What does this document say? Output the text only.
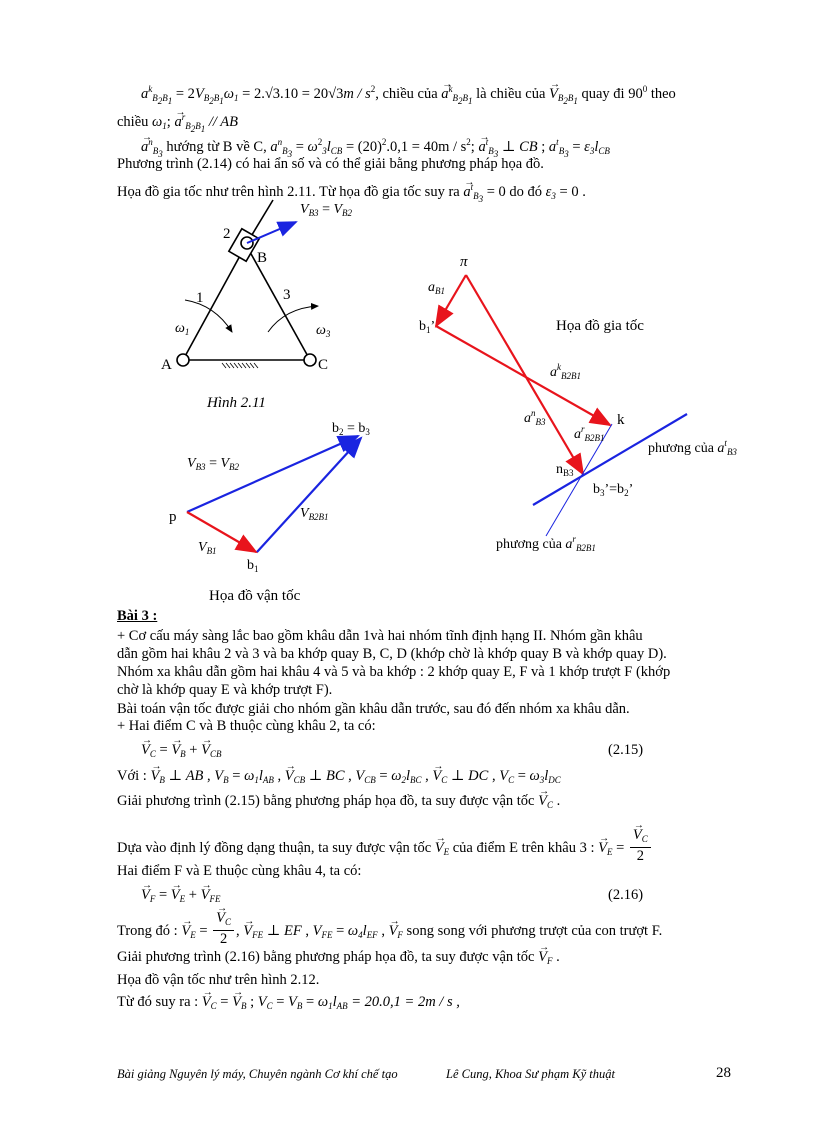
$a^k_{B_2B_1} = 2V_{B_2B_1}\omega_1 = 2.√3.10 = 20√3m / s^2$, chiều của → $a^k_{B_2B_1}$ là chiều của → $V_{B_2B_1}$ quay đi $90^0$ theo
chiều $\omega_1$; → $a^r_{B_2B_1}$ // AB
→ $a^n_{B_3}$ hướng từ B về C, $a^n_{B_3} = \omega^2_3l_{CB} = (20)^2.0,1 = 40m / s^2$; → $a^t_{B_3}$ ⊥ CB ; $a^t_{B_3} = \varepsilon_3l_{CB}$
Phương trình (2.14) có hai ẩn số và có thể giải bằng phương pháp họa đồ.
Họa đồ gia tốc như trên hình 2.11. Từ họa đồ gia tốc suy ra → $a^t_{B_3} = 0$ do đó $\varepsilon_3 = 0$ .
2
B
1	3
$\omega_1$	$\omega_3$
A	C
$V_{B3} = V_{B2}$
Hình 2.11
$b_2 = b_3$
$V_{B3} = V_{B2}$
p	$V_{B2B1}$
$V_{B1}$
$b_1$
Họa đồ vận tốc
π
$a_{B1}$
$b_1$’	Họa đồ gia tốc
$a^k_{B2B1}$
$a^n_{B3}$	k
$a^r_{B2B1}$
phương của $a^t_{B3}$
$n_{B3}$
$b_3’=b_2$’
phương của $a^r_{B2B1}$
Bài 3 :
+ Cơ cấu máy sàng lắc bao gồm khâu dẫn 1và hai nhóm tĩnh định hạng II. Nhóm gần khâu
dẫn gồm hai khâu 2 và 3 và ba khớp quay B, C, D (khớp chờ là khớp quay B và khớp quay D).
Nhóm xa khâu dẫn gồm hai khâu 4 và 5 và ba khớp : 2 khớp quay E, F và 1 khớp trượt F (khớp
chờ là khớp quay E và khớp trượt F).
Bài toán vận tốc được giải cho nhóm gần khâu dẫn trước, sau đó đến nhóm xa khâu dẫn.
+ Hai điểm C và B thuộc cùng khâu 2, ta có:
→ $V_C$ = → $V_B$ + → $V_{CB}$	(2.15)
Với : → $V_B$ ⊥ AB , $V_B = \omega_1l_{AB}$ , → $V_{CB}$ ⊥ BC , $V_{CB} = \omega_2l_{BC}$ , → $V_C$ ⊥ DC , $V_C = \omega_3l_{DC}$
Giải phương trình (2.15) bằng phương pháp họa đồ, ta suy được vận tốc → $V_C$ .
Dựa vào định lý đồng dạng thuận, ta suy được vận tốc → $V_E$ của điểm E trên khâu 3 : → $V_E$ = → $\frac{V_C}{2}$
Hai điểm F và E thuộc cùng khâu 4, ta có:
→ $V_F$ = → $V_E$ + → $V_{FE}$	(2.16)
Trong đó : → $V_E$ = → $\frac{V_C}{2}$ , → $V_{FE}$ ⊥ EF , $V_{FE} = \omega_4l_{EF}$ , → $V_F$ song song với phương trượt của con trượt F.
Giải phương trình (2.16) bằng phương pháp họa đồ, ta suy được vận tốc → $V_F$ .
Họa đồ vận tốc như trên hình 2.12.
Từ đó suy ra : → $V_C$ = → $V_B$ ; $V_C = V_B = \omega_1l_{AB} = 20.0,1 = 2m / s$ ,
Bài giảng Nguyên lý máy, Chuyên ngành Cơ khí chế tạo	Lê Cung, Khoa Sư phạm Kỹ thuật	28
